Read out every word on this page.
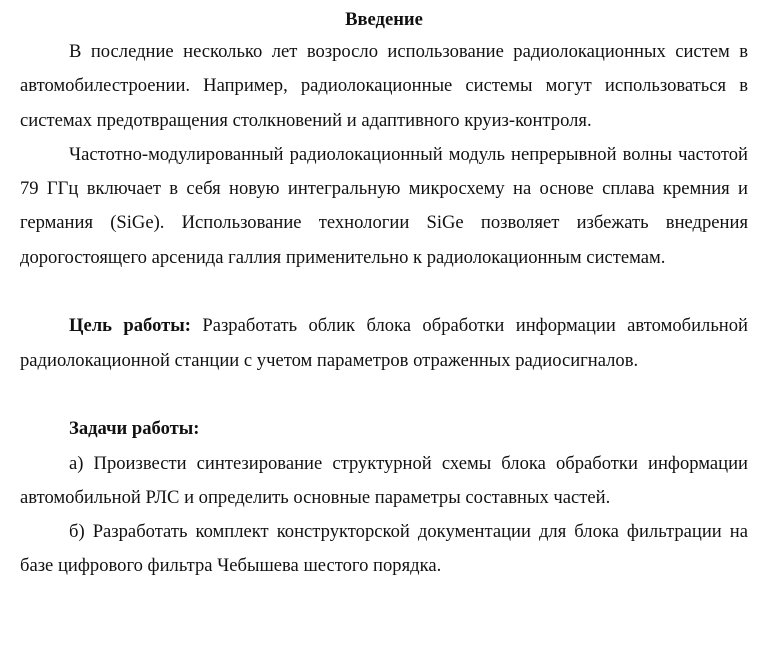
Введение

В последние несколько лет возросло использование радиолокационных систем в автомобилестроении. Например, радиолокационные системы могут использоваться в системах предотвращения столкновений и адаптивного круиз-контроля.

Частотно-модулированный радиолокационный модуль непрерывной волны частотой 79 ГГц включает в себя новую интегральную микросхему на основе сплава кремния и германия (SiGe). Использование технологии SiGe позволяет избежать внедрения дорогостоящего арсенида галлия применительно к радиолокационным системам.

Цель работы: Разработать облик блока обработки информации автомобильной радиолокационной станции с учетом параметров отраженных радиосигналов.

Задачи работы:

а) Произвести синтезирование структурной схемы блока обработки информации автомобильной РЛС и определить основные параметры составных частей.

б) Разработать комплект конструкторской документации для блока фильтрации на базе цифрового фильтра Чебышева шестого порядка.
